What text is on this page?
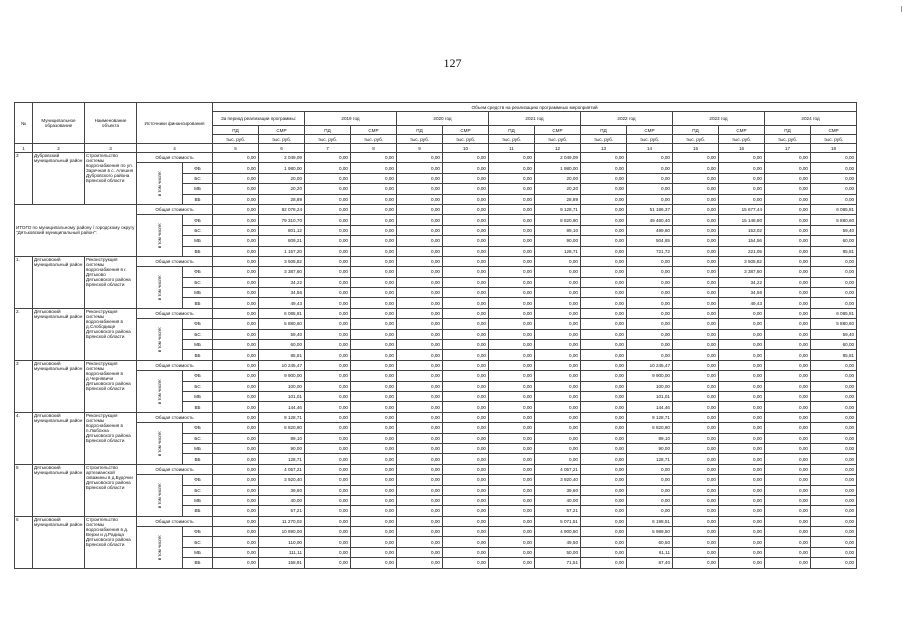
127
№	Муниципальное образование	Наименование объекта	Источники финансирования		Объем средств на реализацию программных мероприятий													
					За период реализации программы:		2019 год		2020 год		2021 год		2022 год		2023 год		2024 год	
					ПД	СМР	ПД	СМР	ПД	СМР	ПД	СМР	ПД	СМР	ПД	СМР	ПД	СМР
					тыс. руб.	тыс. руб.	тыс. руб.	тыс. руб.	тыс. руб.	тыс. руб.	тыс. руб.	тыс. руб.	тыс. руб.	тыс. руб.	тыс. руб.	тыс. руб.	тыс. руб.	тыс. руб.
1	2	3	4		5	6	7	8	9	10	11	12	13	14	15	16	17	18
3	Дубровский муниципальный район	Строительство системы водоснабжения по ул. Заречная в с. Алешня Дубровского района Брянской области	Общая стоимость		0,00	2 049,09	0,00	0,00	0,00	0,00	0,00	2 049,09	0,00	0,00	0,00	0,00	0,00	0,00
			в том числе:	ФБ	0,00	1 980,00	0,00	0,00	0,00	0,00	0,00	1 980,00	0,00	0,00	0,00	0,00	0,00	0,00
				БС	0,00	20,00	0,00	0,00	0,00	0,00	0,00	20,00	0,00	0,00	0,00	0,00	0,00	0,00
				МБ	0,00	20,20	0,00	0,00	0,00	0,00	0,00	20,20	0,00	0,00	0,00	0,00	0,00	0,00
				ВБ	0,00	28,89	0,00	0,00	0,00	0,00	0,00	28,89	0,00	0,00	0,00	0,00	0,00	0,00
ИТОГО по муниципальному району / городскому округу "Дятьковский муниципальный район":			Общая стоимость		0,00	82 078,24	0,00	0,00	0,00	0,00	0,00	9 128,71	0,00	51 186,37	0,00	15 677,44	0,00	6 085,81
			в том числе:	ФБ	0,00	79 310,70	0,00	0,00	0,00	0,00	0,00	8 820,90	0,00	49 460,40	0,00	15 148,80	0,00	5 880,60
				БС	0,00	801,12	0,00	0,00	0,00	0,00	0,00	89,10	0,00	499,60	0,00	153,02	0,00	59,40
				МБ	0,00	809,21	0,00	0,00	0,00	0,00	0,00	90,00	0,00	504,65	0,00	154,56	0,00	60,00
				ВБ	0,00	1 157,20	0,00	0,00	0,00	0,00	0,00	128,71	0,00	721,72	0,00	221,05	0,00	85,81
1.	Дятьковский муниципальный район	Реконструкция системы водоснабжения в г. Дятьково Дятьковского района Брянской области	Общая стоимость		0,00	3 505,82	0,00	0,00	0,00	0,00	0,00	0,00	0,00	0,00	0,00	3 505,82	0,00	0,00
			в том числе:	ФБ	0,00	3 387,60	0,00	0,00	0,00	0,00	0,00	0,00	0,00	0,00	0,00	3 387,60	0,00	0,00
				БС	0,00	34,22	0,00	0,00	0,00	0,00	0,00	0,00	0,00	0,00	0,00	34,22	0,00	0,00
				МБ	0,00	34,56	0,00	0,00	0,00	0,00	0,00	0,00	0,00	0,00	0,00	34,56	0,00	0,00
				ВБ	0,00	49,43	0,00	0,00	0,00	0,00	0,00	0,00	0,00	0,00	0,00	49,43	0,00	0,00
2.	Дятьковский муниципальный район	Реконструкция системы водоснабжения в д.Слободище Дятьковского района Брянской области	Общая стоимость		0,00	6 085,81	0,00	0,00	0,00	0,00	0,00	0,00	0,00	0,00	0,00	0,00	0,00	6 085,81
			в том числе:	ФБ	0,00	5 880,60	0,00	0,00	0,00	0,00	0,00	0,00	0,00	0,00	0,00	0,00	0,00	5 880,60
				БС	0,00	59,40	0,00	0,00	0,00	0,00	0,00	0,00	0,00	0,00	0,00	0,00	0,00	59,40
				МБ	0,00	60,00	0,00	0,00	0,00	0,00	0,00	0,00	0,00	0,00	0,00	0,00	0,00	60,00
				ВБ	0,00	85,81	0,00	0,00	0,00	0,00	0,00	0,00	0,00	0,00	0,00	0,00	0,00	85,81
3	Дятьковский муниципальный район	Реконструкция системы водоснабжения в д.Чернявичи Дятьковского района Брянской области	Общая стоимость		0,00	10 245,47	0,00	0,00	0,00	0,00	0,00	0,00	0,00	10 245,47	0,00	0,00	0,00	0,00
			в том числе:	ФБ	0,00	9 900,00	0,00	0,00	0,00	0,00	0,00	0,00	0,00	9 900,00	0,00	0,00	0,00	0,00
				БС	0,00	100,00	0,00	0,00	0,00	0,00	0,00	0,00	0,00	100,00	0,00	0,00	0,00	0,00
				МБ	0,00	101,01	0,00	0,00	0,00	0,00	0,00	0,00	0,00	101,01	0,00	0,00	0,00	0,00
				ВБ	0,00	144,46	0,00	0,00	0,00	0,00	0,00	0,00	0,00	144,46	0,00	0,00	0,00	0,00
4.	Дятьковский муниципальный район	Реконструкция системы водоснабжения в п.Любохна Дятьковского района Брянской области	Общая стоимость		0,00	9 128,71	0,00	0,00	0,00	0,00	0,00	0,00	0,00	9 128,71	0,00	0,00	0,00	0,00
			в том числе:	ФБ	0,00	8 820,90	0,00	0,00	0,00	0,00	0,00	0,00	0,00	8 820,90	0,00	0,00	0,00	0,00
				БС	0,00	89,10	0,00	0,00	0,00	0,00	0,00	0,00	0,00	89,10	0,00	0,00	0,00	0,00
				МБ	0,00	90,00	0,00	0,00	0,00	0,00	0,00	0,00	0,00	90,00	0,00	0,00	0,00	0,00
				ВБ	0,00	128,71	0,00	0,00	0,00	0,00	0,00	0,00	0,00	128,71	0,00	0,00	0,00	0,00
5	Дятьковский муниципальный район	Строительство артезианской скважины в д.Будочки Дятьковского района Брянской области	Общая стоимость		0,00	4 057,21	0,00	0,00	0,00	0,00	0,00	4 057,21	0,00	0,00	0,00	0,00	0,00	0,00
			в том числе:	ФБ	0,00	3 920,40	0,00	0,00	0,00	0,00	0,00	3 920,40	0,00	0,00	0,00	0,00	0,00	0,00
				БС	0,00	39,60	0,00	0,00	0,00	0,00	0,00	39,60	0,00	0,00	0,00	0,00	0,00	0,00
				МБ	0,00	40,00	0,00	0,00	0,00	0,00	0,00	40,00	0,00	0,00	0,00	0,00	0,00	0,00
				ВБ	0,00	57,21	0,00	0,00	0,00	0,00	0,00	57,21	0,00	0,00	0,00	0,00	0,00	0,00
6	Дятьковский муниципальный район	Строительство системы водоснабжения в д. Верхи и д.Радица Дятьковского района Брянской области	Общая стоимость		0,00	11 270,02	0,00	0,00	0,00	0,00	0,00	5 071,51	0,00	6 198,51	0,00	0,00	0,00	0,00
			в том числе:	ФБ	0,00	10 890,00	0,00	0,00	0,00	0,00	0,00	4 900,50	0,00	5 989,50	0,00	0,00	0,00	0,00
				БС	0,00	110,00	0,00	0,00	0,00	0,00	0,00	49,50	0,00	60,50	0,00	0,00	0,00	0,00
				МБ	0,00	111,11	0,00	0,00	0,00	0,00	0,00	50,00	0,00	61,11	0,00	0,00	0,00	0,00
				ВБ	0,00	158,91	0,00	0,00	0,00	0,00	0,00	71,51	0,00	87,40	0,00	0,00	0,00	0,00
